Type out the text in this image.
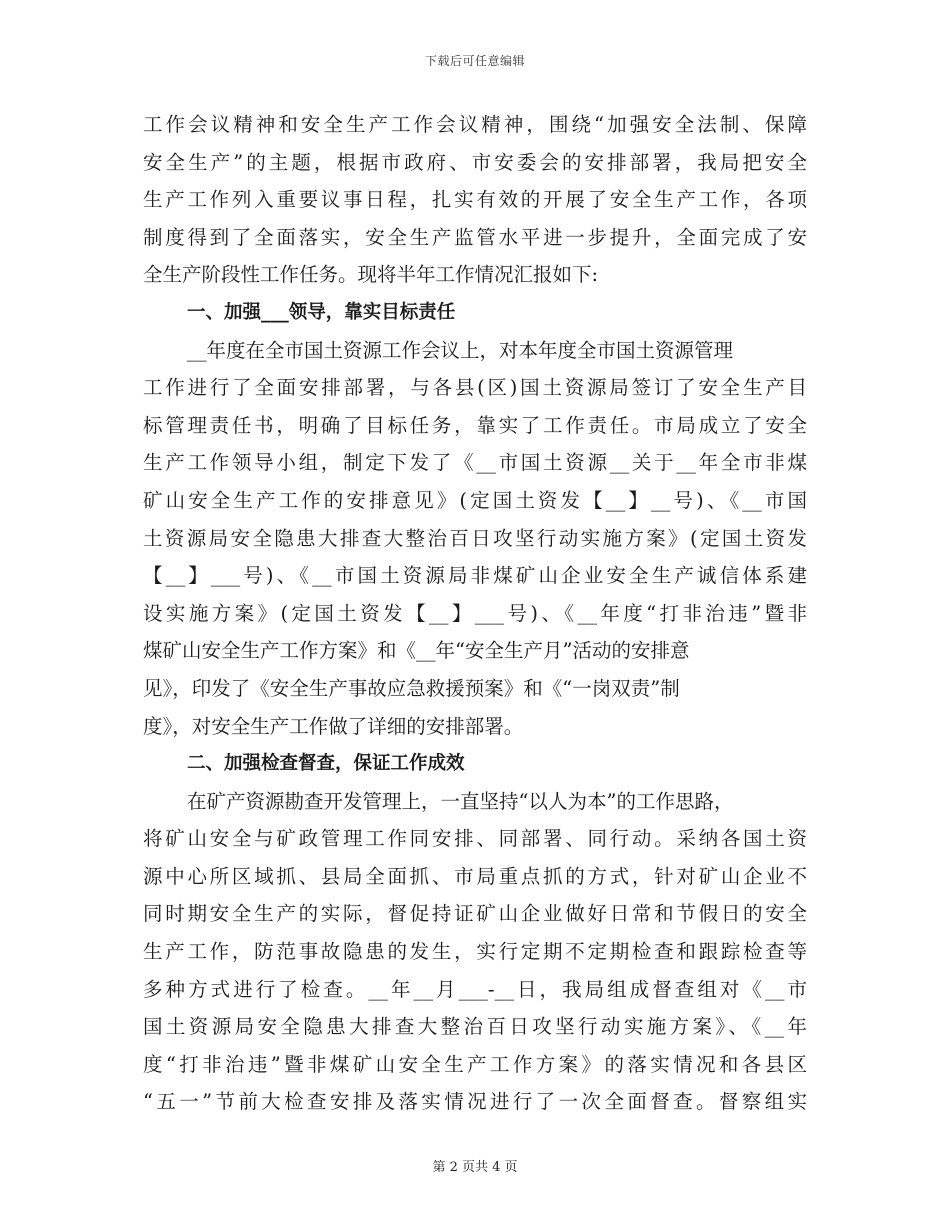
下载后可任意编辑
工作会议精神和安全生产工作会议精神，围绕“加强安全法制、保障
安全生产”的主题，根据市政府、市安委会的安排部署，我局把安全
生产工作列入重要议事日程，扎实有效的开展了安全生产工作，各项
制度得到了全面落实，安全生产监管水平进一步提升，全面完成了安
全生产阶段性工作任务。现将半年工作情况汇报如下:
一、加强___领导，靠实目标责任
__年度在全市国土资源工作会议上，对本年度全市国土资源管理
工作进行了全面安排部署，与各县(区)国土资源局签订了安全生产目
标管理责任书，明确了目标任务，靠实了工作责任。市局成立了安全
生产工作领导小组，制定下发了《__市国土资源__关于__年全市非煤
矿山安全生产工作的安排意见》(定国土资发【__】__号)、《__市国
土资源局安全隐患大排查大整治百日攻坚行动实施方案》(定国土资发
【__】___号)、《__市国土资源局非煤矿山企业安全生产诚信体系建
设实施方案》(定国土资发【__】___号)、《__年度“打非治违”暨非
煤矿山安全生产工作方案》和《__年“安全生产月”活动的安排意
见》，印发了《安全生产事故应急救援预案》和《“一岗双责”制
度》，对安全生产工作做了详细的安排部署。
二、加强检查督查，保证工作成效
在矿产资源勘查开发管理上，一直坚持“以人为本”的工作思路，
将矿山安全与矿政管理工作同安排、同部署、同行动。采纳各国土资
源中心所区域抓、县局全面抓、市局重点抓的方式，针对矿山企业不
同时期安全生产的实际，督促持证矿山企业做好日常和节假日的安全
生产工作，防范事故隐患的发生，实行定期不定期检查和跟踪检查等
多种方式进行了检查。__年__月___-__日，我局组成督查组对《__市
国土资源局安全隐患大排查大整治百日攻坚行动实施方案》、《__年
度“打非治违”暨非煤矿山安全生产工作方案》的落实情况和各县区
“五一”节前大检查安排及落实情况进行了一次全面督查。督察组实
第 2 页共 4 页
